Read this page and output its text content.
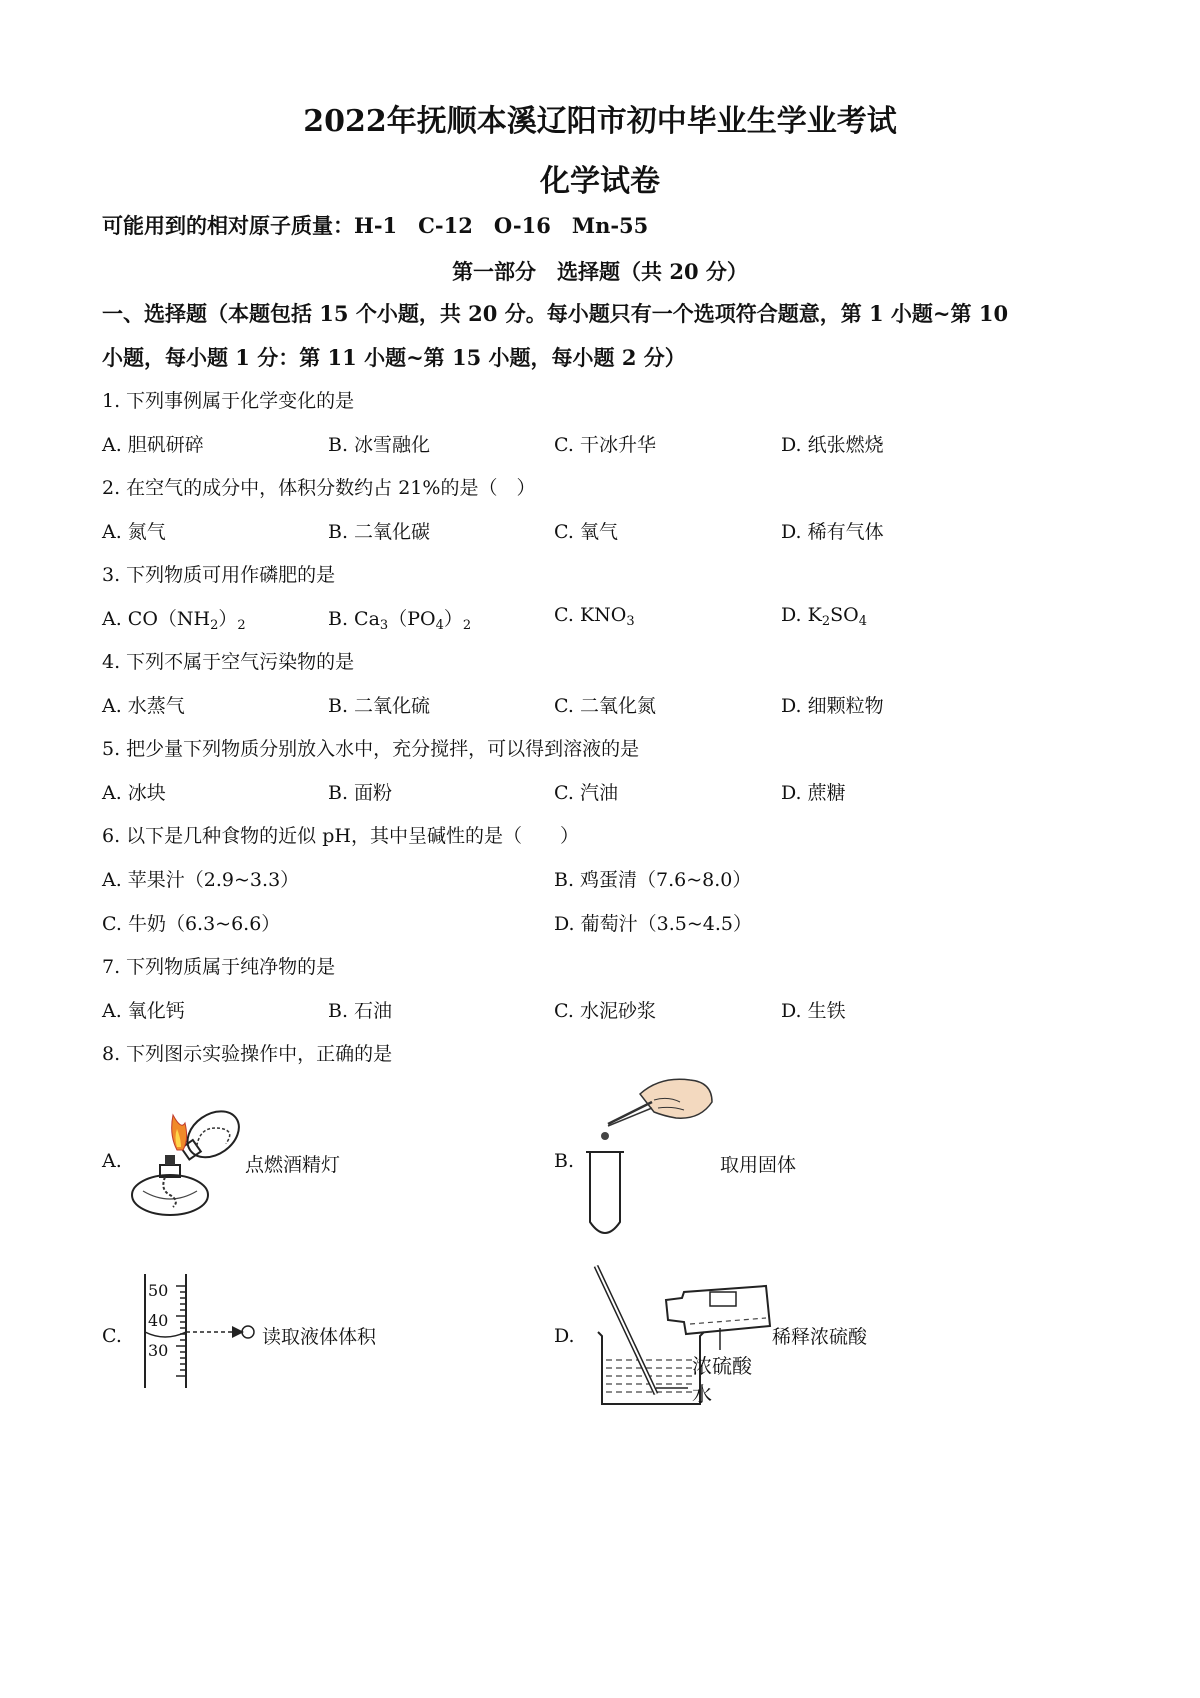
2022年抚顺本溪辽阳市初中毕业生学业考试
化学试卷
可能用到的相对原子质量：H-1　C-12　O-16　Mn-55
第一部分　选择题（共 20 分）
一、选择题（本题包括 15 个小题，共 20 分。每小题只有一个选项符合题意，第 1 小题~第 10
小题，每小题 1 分：第 11 小题~第 15 小题，每小题 2 分）
1. 下列事例属于化学变化的是
A. 胆矾研碎	B. 冰雪融化	C. 干冰升华	D. 纸张燃烧
2. 在空气的成分中，体积分数约占 21%的是（　）
A. 氮气	B. 二氧化碳	C. 氧气	D. 稀有气体
3. 下列物质可用作磷肥的是
A. $CO(NH_2)_2$	B. $Ca_3(PO_4)_2$	C. $KNO_3$	D. $K_2SO_4$
4. 下列不属于空气污染物的是
A. 水蒸气	B. 二氧化硫	C. 二氧化氮	D. 细颗粒物
5. 把少量下列物质分别放入水中，充分搅拌，可以得到溶液的是
A. 冰块	B. 面粉	C. 汽油	D. 蔗糖
6. 以下是几种食物的近似 pH，其中呈碱性的是（　　）
A. 苹果汁（2.9~3.3）	B. 鸡蛋清（7.6~8.0）
C. 牛奶（6.3~6.6）	D. 葡萄汁（3.5~4.5）
7. 下列物质属于纯净物的是
A. 氧化钙	B. 石油	C. 水泥砂浆	D. 生铁
8. 下列图示实验操作中，正确的是
A.	点燃酒精灯	B.	取用固体
C.
50
40
30
读取液体体积	D.	稀释浓硫酸
浓硫酸
水
